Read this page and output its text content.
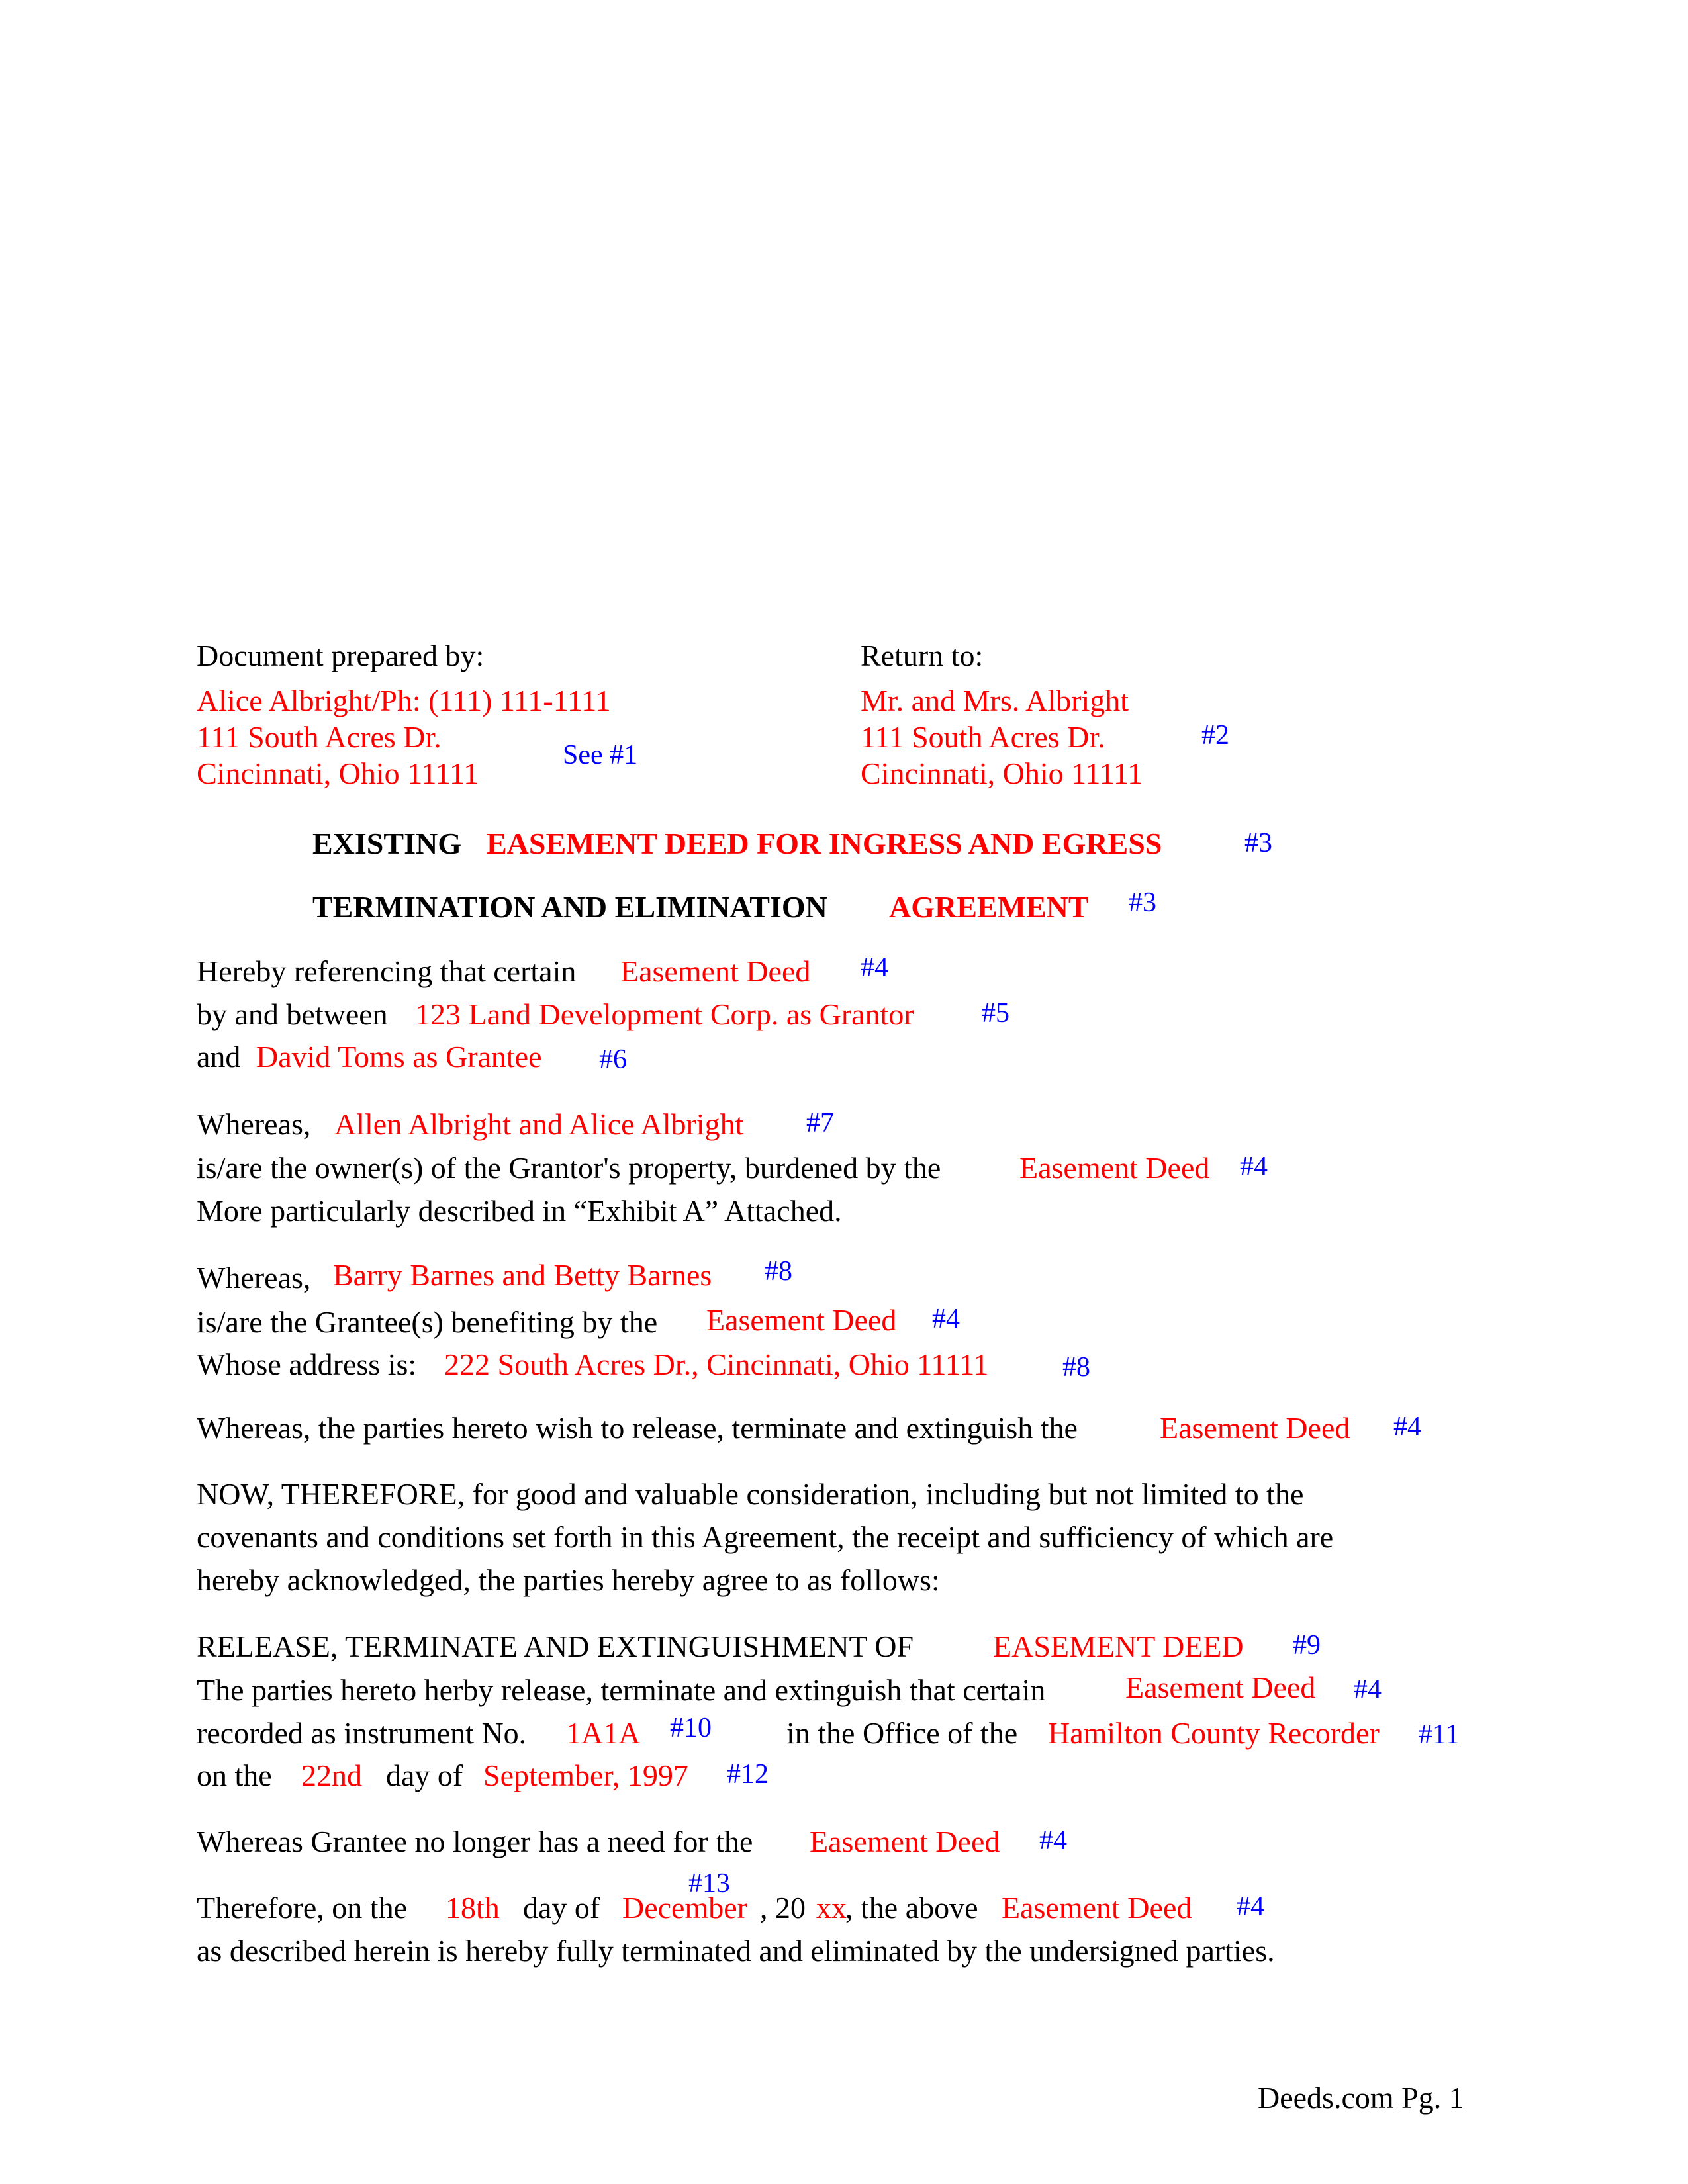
Document prepared by:
Alice Albright/Ph: (111) 111-1111
111 South Acres Dr.
Cincinnati, Ohio 11111
See #1
Return to:
Mr. and Mrs. Albright
111 South Acres Dr.
Cincinnati, Ohio 11111
#2
EXISTING EASEMENT DEED FOR INGRESS AND EGRESS	#3
TERMINATION AND ELIMINATION AGREEMENT #3
Hereby referencing that certain Easement Deed #4
by and between 123 Land Development Corp. as Grantor #5
and David Toms as Grantee #6
Whereas, Allen Albright and Alice Albright #7
is/are the owner(s) of the Grantor's property, burdened by the	Easement Deed #4
More particularly described in “Exhibit A” Attached.
Whereas, Barry Barnes and Betty Barnes #8
is/are the Grantee(s) benefiting by the Easement Deed #4
Whose address is: 222 South Acres Dr., Cincinnati, Ohio 11111	#8
Whereas, the parties hereto wish to release, terminate and extinguish the	Easement Deed #4
NOW, THEREFORE, for good and valuable consideration, including but not limited to the
covenants and conditions set forth in this Agreement, the receipt and sufficiency of which are
hereby acknowledged, the parties hereby agree to as follows:
RELEASE, TERMINATE AND EXTINGUISHMENT OF	EASEMENT DEED #9
The parties hereto herby release, terminate and extinguish that certain	Easement Deed #4
recorded as instrument No. 1A1A #10 in the Office of the Hamilton County Recorder #11
on the 22nd day of September, 1997 #12
Whereas Grantee no longer has a need for the Easement Deed #4
#13
Therefore, on the 18th day of December , 20 xx
, the above Easement Deed #4
as described herein is hereby fully terminated and eliminated by the undersigned parties.
Deeds.com Pg. 1
